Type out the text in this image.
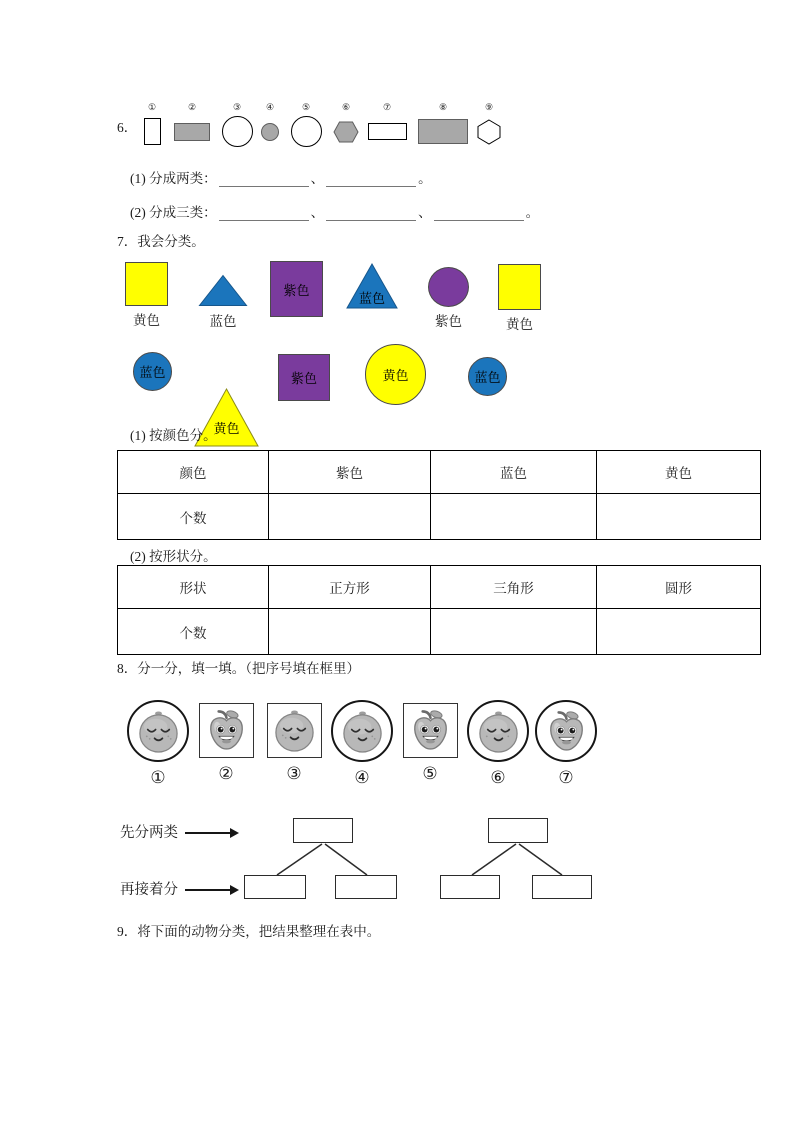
6．
①	②	③	④	⑤	⑥	⑦	⑧	⑨
(1) 分成两类：	、	。
(2) 分成三类：	、	、	。
7．我会分类。
黄色	蓝色
紫色
蓝色
紫色	黄色
蓝色
黄色
紫色	黄色	蓝色
(1) 按颜色分。
颜色	紫色	蓝色	黄色
个数			
(2) 按形状分。
形状	正方形	三角形	圆形
个数			
8．分一分，填一填。（把序号填在框里）
①	②	③	④	⑤	⑥	⑦
先分两类
再接着分
9．将下面的动物分类，把结果整理在表中。
